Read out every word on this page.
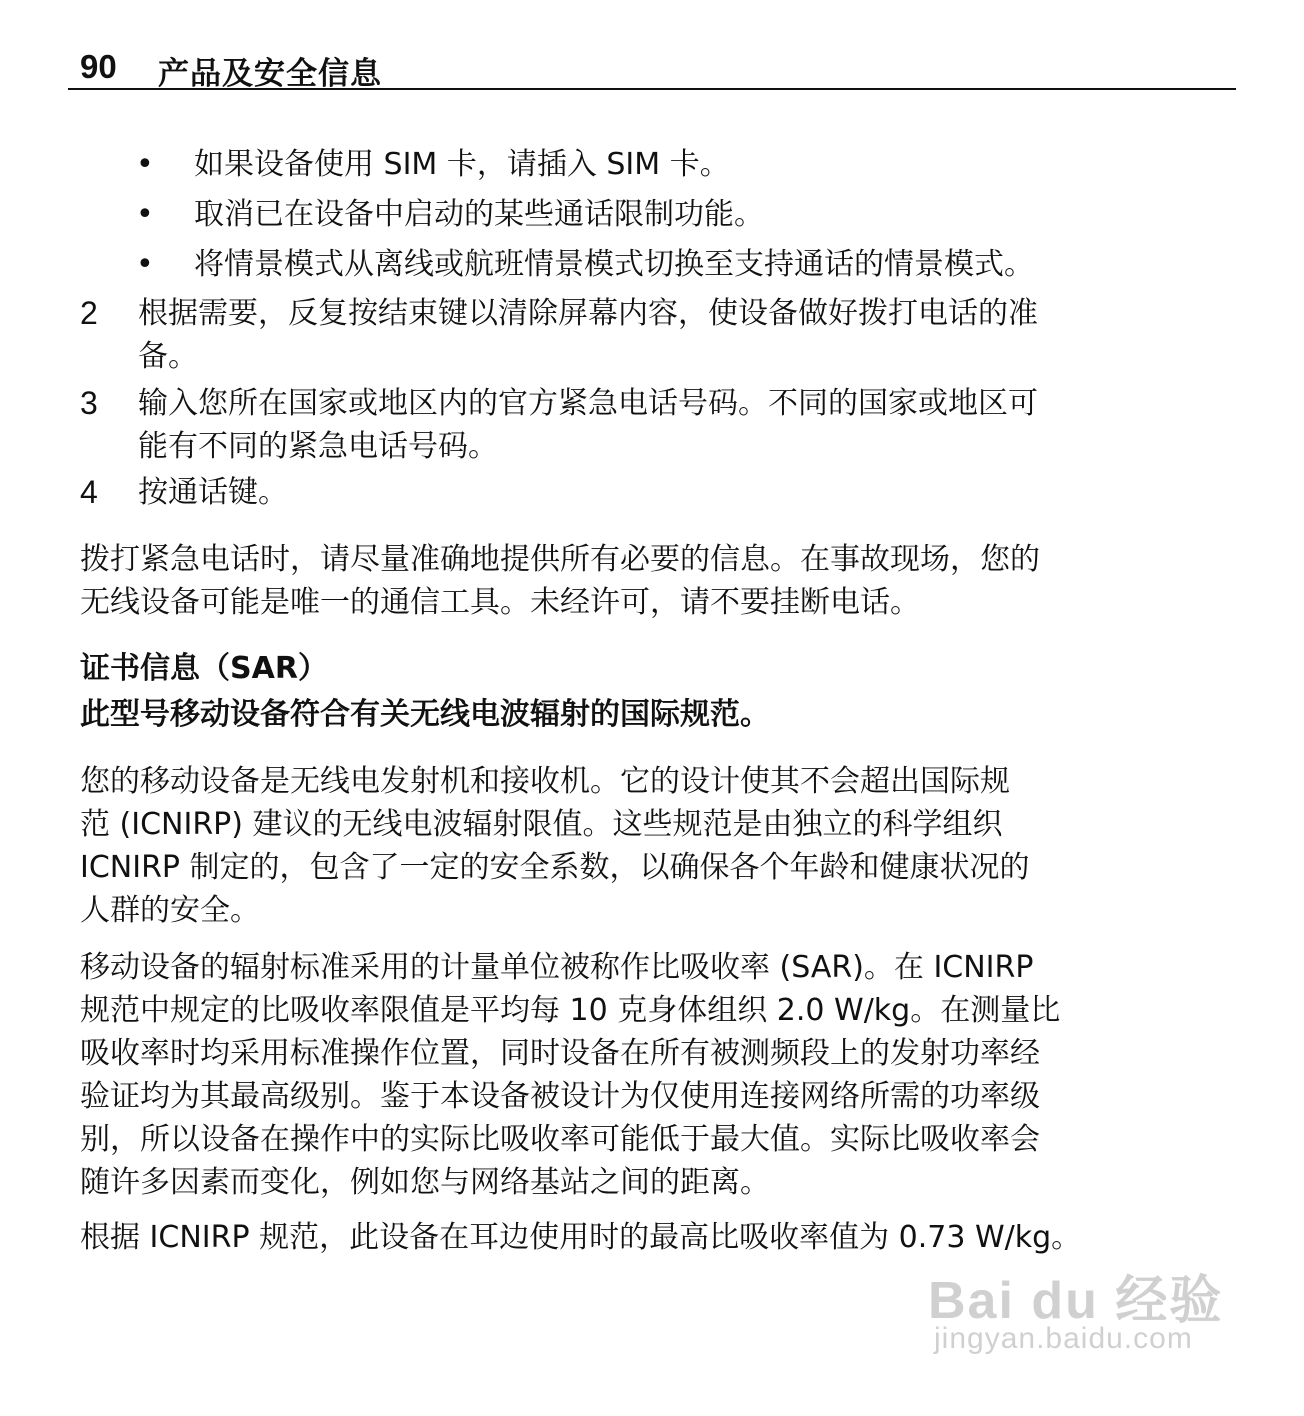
90 产品及安全信息
• 如果设备使用 SIM 卡，请插入 SIM 卡。
• 取消已在设备中启动的某些通话限制功能。
• 将情景模式从离线或航班情景模式切换至支持通话的情景模式。
2 根据需要，反复按结束键以清除屏幕内容，使设备做好拨打电话的准
备。
3 输入您所在国家或地区内的官方紧急电话号码。不同的国家或地区可
能有不同的紧急电话号码。
4 按通话键。
拨打紧急电话时，请尽量准确地提供所有必要的信息。在事故现场，您的
无线设备可能是唯一的通信工具。未经许可，请不要挂断电话。
证书信息（SAR）
此型号移动设备符合有关无线电波辐射的国际规范。
您的移动设备是无线电发射机和接收机。它的设计使其不会超出国际规
范 (ICNIRP) 建议的无线电波辐射限值。这些规范是由独立的科学组织
ICNIRP 制定的，包含了一定的安全系数，以确保各个年龄和健康状况的
人群的安全。
移动设备的辐射标准采用的计量单位被称作比吸收率 (SAR)。在 ICNIRP
规范中规定的比吸收率限值是平均每 10 克身体组织 2.0 W/kg。在测量比
吸收率时均采用标准操作位置，同时设备在所有被测频段上的发射功率经
验证均为其最高级别。鉴于本设备被设计为仅使用连接网络所需的功率级
别，所以设备在操作中的实际比吸收率可能低于最大值。实际比吸收率会
随许多因素而变化，例如您与网络基站之间的距离。
根据 ICNIRP 规范，此设备在耳边使用时的最高比吸收率值为 0.73 W/kg。
Bai du 经验
jingyan.baidu.com
